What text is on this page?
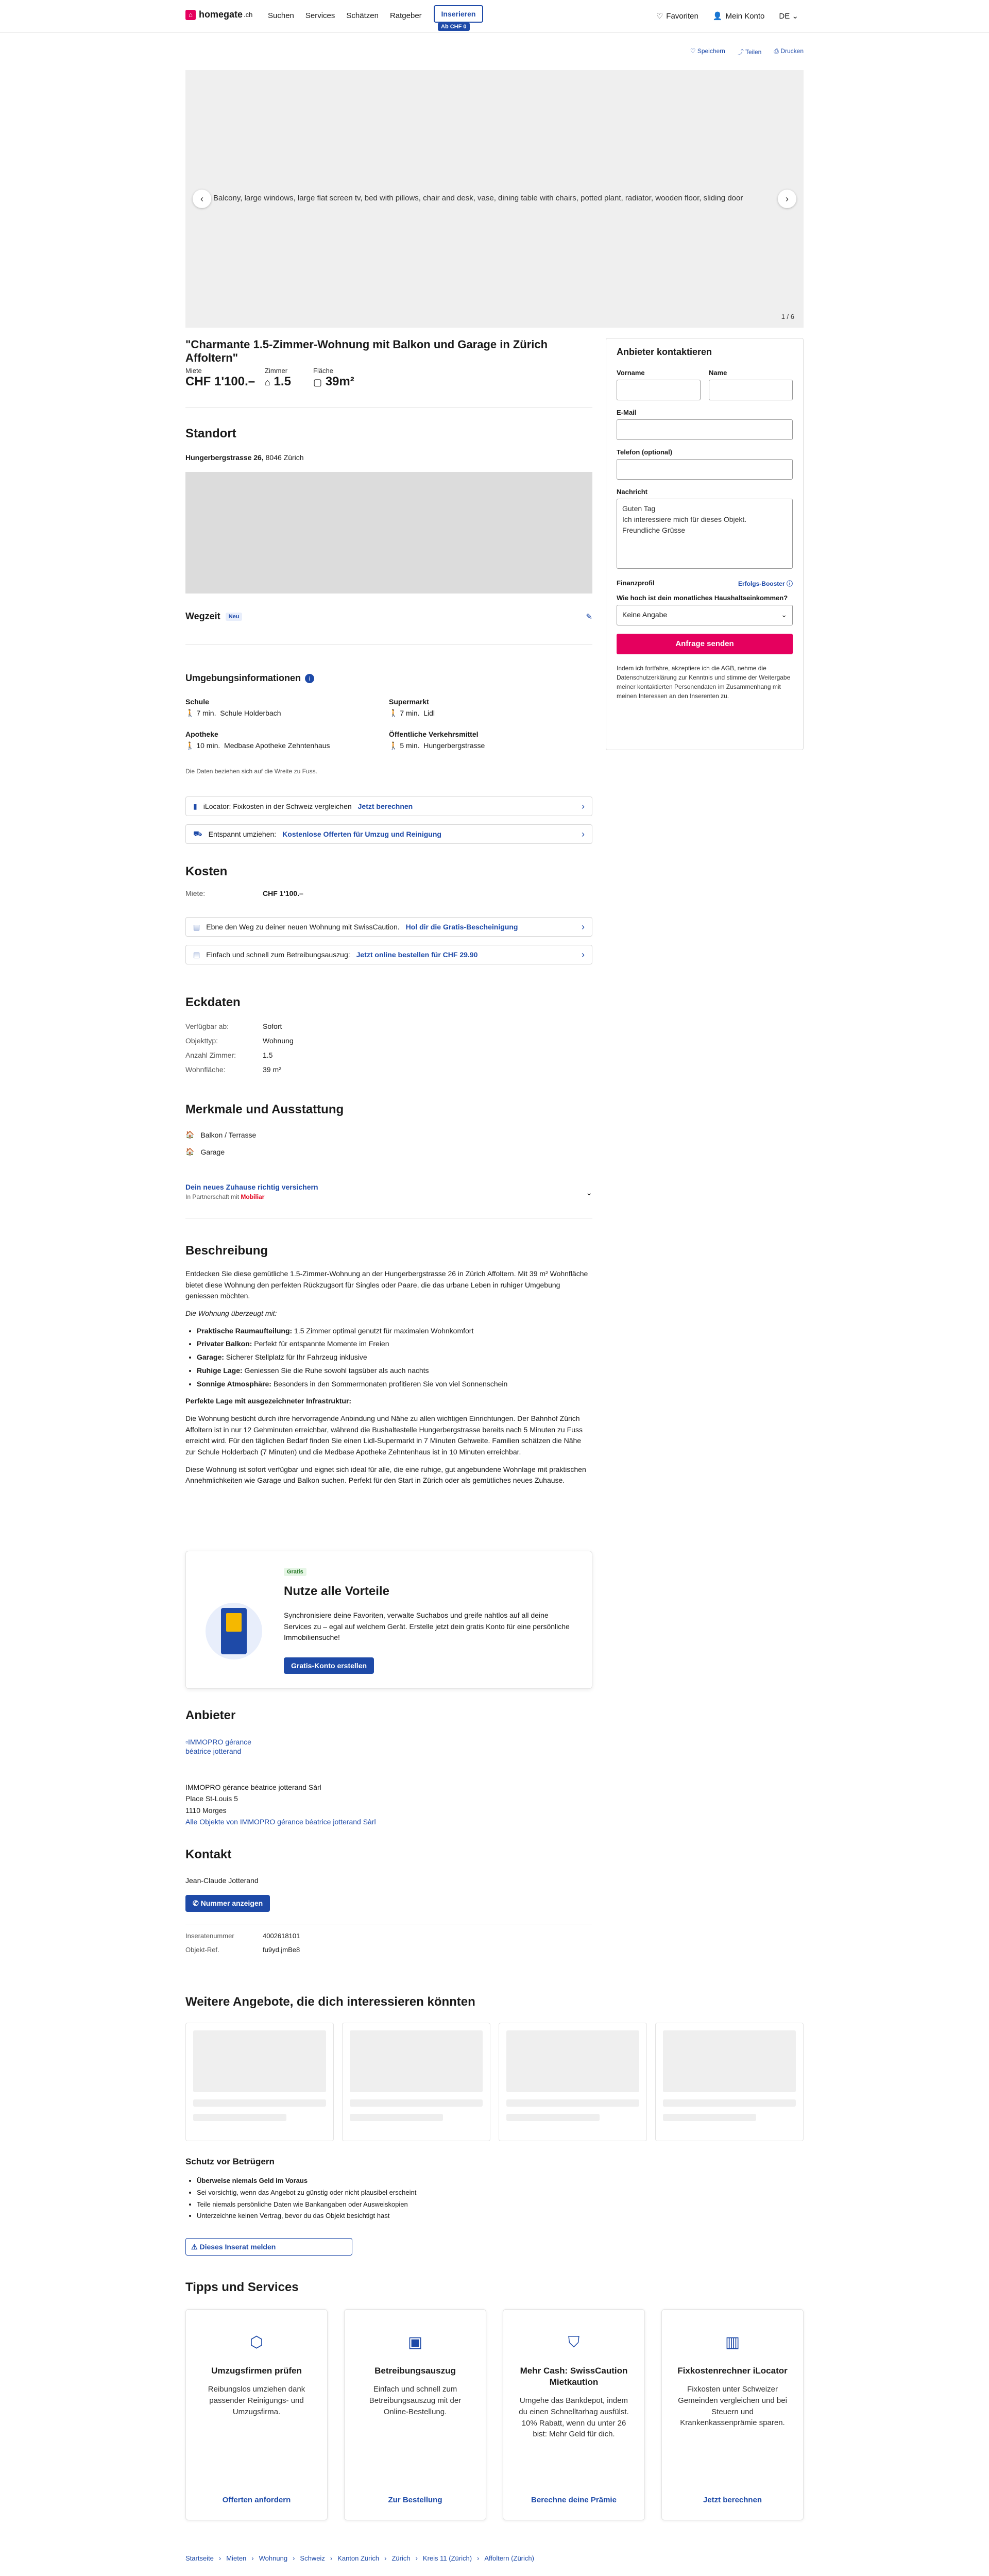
⌂ homegate .ch Suchen Services Schätzen Ratgeber	Inserieren
Ab CHF 0
♡ Favoriten 👤 Mein Konto DE ⌄
♡ Speichern ⤴ Teilen ⎙ Drucken
Balcony, large windows, large flat screen tv, bed with pillows, chair and desk, vase, dining table with chairs, potted plant, radiator, wooden floor, sliding door
‹	›
1 / 6
"Charmante 1.5-Zimmer-Wohnung mit Balkon und Garage in Zürich Affoltern"
Miete
CHF 1'100.–
Zimmer
⌂ 1.5
Fläche
▢ 39m²
Standort
Hungerbergstrasse 26, 8046 Zürich
Wegzeit	Neu	✎
Umgebungsinformationen	i
Schule
🚶 7 min. Schule Holderbach
Supermarkt
🚶 7 min. Lidl
Apotheke
🚶 10 min. Medbase Apotheke Zehntenhaus
Öffentliche Verkehrsmittel
🚶 5 min. Hungerbergstrasse
Die Daten beziehen sich auf die Wreite zu Fuss.
▮ iLocator: Fixkosten in der Schweiz vergleichen Jetzt berechnen	›
⛟ Entspannt umziehen: Kostenlose Offerten für Umzug und Reinigung	›
Kosten
Miete:	CHF 1'100.–
▤ Ebne den Weg zu deiner neuen Wohnung mit SwissCaution. Hol dir die Gratis-Bescheinigung	›
▤ Einfach und schnell zum Betreibungsauszug: Jetzt online bestellen für CHF 29.90	›
Eckdaten
Verfügbar ab:	Sofort
Objekttyp:	Wohnung
Anzahl Zimmer:	1.5
Wohnfläche:	39 m²
Merkmale und Ausstattung
🏠 Balkon / Terrasse
🏠 Garage
Dein neues Zuhause richtig versichern
In Partnerschaft mit Mobiliar	⌄
Beschreibung

Entdecken Sie diese gemütliche 1.5-Zimmer-Wohnung an der Hungerbergstrasse 26 in Zürich Affoltern. Mit 39 m² Wohnfläche bietet diese Wohnung den perfekten Rückzugsort für Singles oder Paare, die das urbane Leben in ruhiger Umgebung geniessen möchten.

Die Wohnung überzeugt mit:

• Praktische Raumaufteilung: 1.5 Zimmer optimal genutzt für maximalen Wohnkomfort
• Privater Balkon: Perfekt für entspannte Momente im Freien
• Garage: Sicherer Stellplatz für Ihr Fahrzeug inklusive
• Ruhige Lage: Geniessen Sie die Ruhe sowohl tagsüber als auch nachts
• Sonnige Atmosphäre: Besonders in den Sommermonaten profitieren Sie von viel Sonnenschein

Perfekte Lage mit ausgezeichneter Infrastruktur:

Die Wohnung besticht durch ihre hervorragende Anbindung und Nähe zu allen wichtigen Einrichtungen. Der Bahnhof Zürich Affoltern ist in nur 12 Gehminuten erreichbar, während die Bushaltestelle Hungerbergstrasse bereits nach 5 Minuten zu Fuss erreicht wird. Für den täglichen Bedarf finden Sie einen Lidl-Supermarkt in 7 Minuten Gehweite. Familien schätzen die Nähe zur Schule Holderbach (7 Minuten) und die Medbase Apotheke Zehntenhaus ist in 10 Minuten erreichbar.

Diese Wohnung ist sofort verfügbar und eignet sich ideal für alle, die eine ruhige, gut angebundene Wohnlage mit praktischen Annehmlichkeiten wie Garage und Balkon suchen. Perfekt für den Start in Zürich oder als gemütliches neues Zuhause.

Gratis
Nutze alle Vorteile
Synchronisiere deine Favoriten, verwalte Suchabos und greife nahtlos auf all deine Services zu – egal auf welchem Gerät. Erstelle jetzt dein gratis Konto für eine persönliche Immobiliensuche!
Gratis-Konto erstellen
Anbieter
▫IMMOPRO gérance béatrice jotterand
IMMOPRO gérance béatrice jotterand Sàrl
Place St-Louis 5
1110 Morges
Alle Objekte von IMMOPRO gérance béatrice jotterand Sàrl
Kontakt
Jean-Claude Jotterand
✆ Nummer anzeigen
Inseratenummer	4002618101
Objekt-Ref.	fu9yd.jmBe8
Anbieter kontaktieren
Vorname	Name
E-Mail
Telefon (optional)
Nachricht
Guten Tag
Ich interessiere mich für dieses Objekt.
Freundliche Grüsse
Finanzprofil	Erfolgs-Booster ⓘ
Wie hoch ist dein monatliches Haushaltseinkommen?
Keine Angabe	⌄
Anfrage senden
Indem ich fortfahre, akzeptiere ich die AGB, nehme die Datenschutzerklärung zur Kenntnis und stimme der Weitergabe meiner kontaktierten Personendaten im Zusammenhang mit meinen Interessen an den Inserenten zu.
Weitere Angebote, die dich interessieren könnten
Schutz vor Betrügern
• Überweise niemals Geld im Voraus
• Sei vorsichtig, wenn das Angebot zu günstig oder nicht plausibel erscheint
• Teile niemals persönliche Daten wie Bankangaben oder Ausweiskopien
• Unterzeichne keinen Vertrag, bevor du das Objekt besichtigt hast
⚠ Dieses Inserat melden
Tipps und Services
⬡
Umzugsfirmen prüfen

Reibungslos umziehen dank passender Reinigungs- und Umzugsfirma.

Offerten anfordern
▣
Betreibungsauszug

Einfach und schnell zum Betreibungsauszug mit der Online-Bestellung.

Zur Bestellung
⛉
Mehr Cash: SwissCaution Mietkaution

Umgehe das Bankdepot, indem du einen Schnelltarhag ausfülst. 10% Rabatt, wenn du unter 26 bist: Mehr Geld für dich.

Berechne deine Prämie
▥
Fixkostenrechner iLocator

Fixkosten unter Schweizer Gemeinden vergleichen und bei Steuern und Krankenkassenprämie sparen.

Jetzt berechnen
Startseite › Mieten › Wohnung › Schweiz › Kanton Zürich › Zürich › Kreis 11 (Zürich) › Affoltern (Zürich)
